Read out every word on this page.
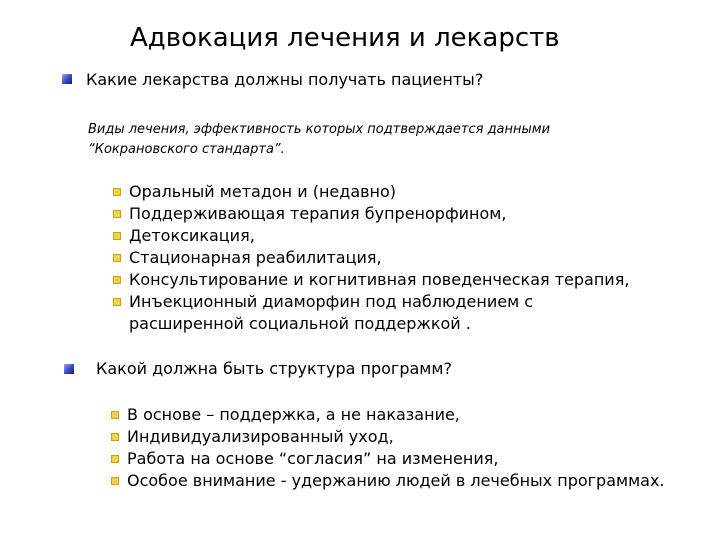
Адвокация лечения и лекарств
Какие лекарства должны получать пациенты?
Виды лечения, эффективность которых подтверждается данными
“Кокрановского стандарта”.
Оральный метадон и (недавно)
Поддерживающая терапия бупренорфином,
Детоксикация,
Стационарная реабилитация,
Консультирование и когнитивная поведенческая терапия,
Инъекционный диаморфин под наблюдением с
расширенной социальной поддержкой .
Какой должна быть структура программ?
В основе – поддержка, а не наказание,
Индивидуализированный уход,
Работа на основе “согласия” на изменения,
Особое внимание - удержанию людей в лечебных программах.
